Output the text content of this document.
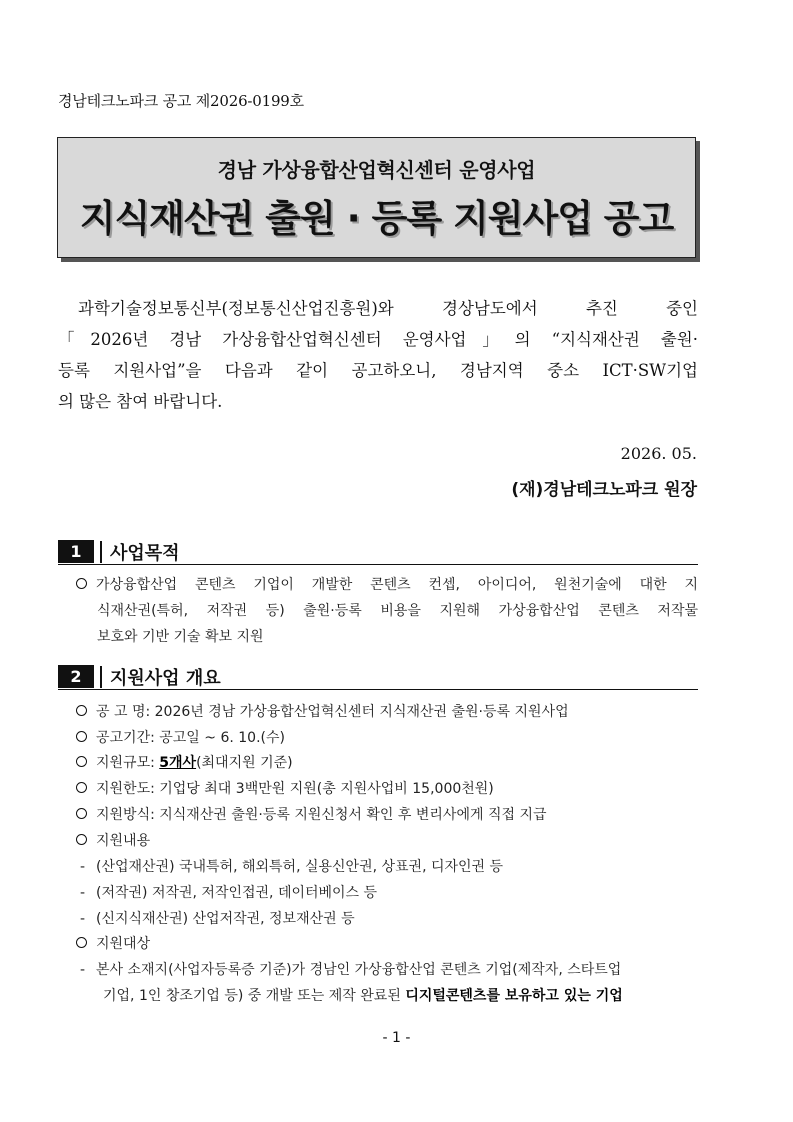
경남테크노파크 공고 제2026-0199호
경남 가상융합산업혁신센터 운영사업
지식재산권 출원 · 등록 지원사업 공고
과학기술정보통신부(정보통신산업진흥원)와 경상남도에서 추진 중인
「2026년 경남 가상융합산업혁신센터 운영사업」의 “지식재산권 출원·
등록 지원사업”을 다음과 같이 공고하오니, 경남지역 중소 ICT·SW기업
의 많은 참여 바랍니다.
2026. 05.
(재)경남테크노파크 원장
1	사업목적
가상융합산업 콘텐츠 기업이 개발한 콘텐츠 컨셉, 아이디어, 원천기술에 대한 지
식재산권(특허, 저작권 등) 출원·등록 비용을 지원해 가상융합산업 콘텐츠 저작물
보호와 기반 기술 확보 지원
2	지원사업 개요
공 고 명: 2026년 경남 가상융합산업혁신센터 지식재산권 출원·등록 지원사업
공고기간: 공고일 ~ 6. 10.(수)
지원규모: 5개사(최대지원 기준)
지원한도: 기업당 최대 3백만원 지원(총 지원사업비 15,000천원)
지원방식: 지식재산권 출원·등록 지원신청서 확인 후 변리사에게 직접 지급
지원내용
- (산업재산권) 국내특허, 해외특허, 실용신안권, 상표권, 디자인권 등
- (저작권) 저작권, 저작인접권, 데이터베이스 등
- (신지식재산권) 산업저작권, 정보재산권 등
지원대상
- 본사 소재지(사업자등록증 기준)가 경남인 가상융합산업 콘텐츠 기업(제작자, 스타트업
기업, 1인 창조기업 등) 중 개발 또는 제작 완료된 디지털콘텐츠를 보유하고 있는 기업
- 1 -
